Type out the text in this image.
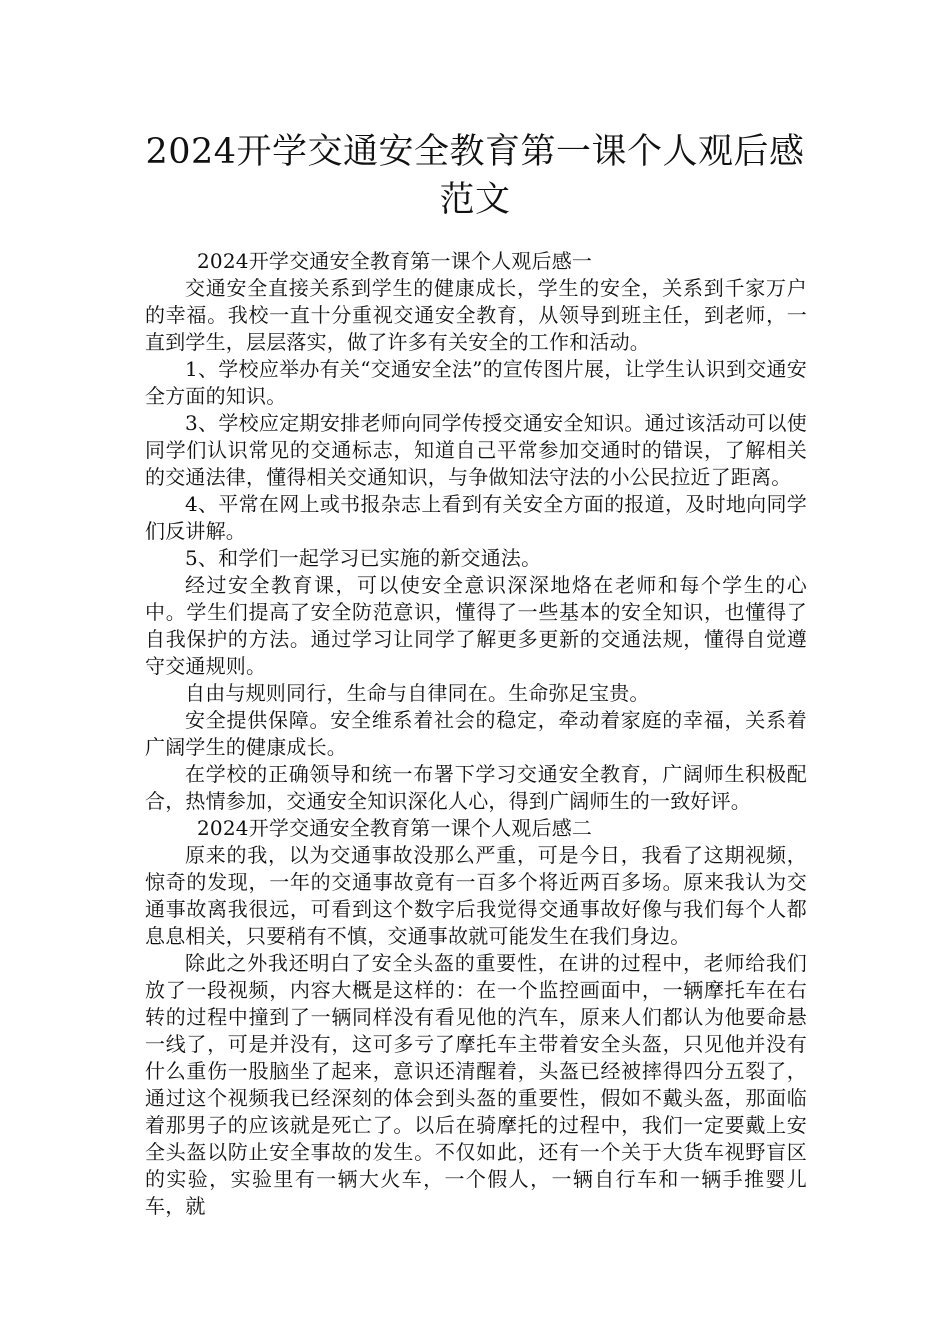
2024开学交通安全教育第一课个人观后感
范文

2024开学交通安全教育第一课个人观后感一

交通安全直接关系到学生的健康成长，学生的安全，关系到千家万户的幸福。我校一直十分重视交通安全教育，从领导到班主任，到老师，一直到学生，层层落实，做了许多有关安全的工作和活动。

1、学校应举办有关“交通安全法”的宣传图片展，让学生认识到交通安全方面的知识。

3、学校应定期安排老师向同学传授交通安全知识。通过该活动可以使同学们认识常见的交通标志，知道自己平常参加交通时的错误，了解相关的交通法律，懂得相关交通知识，与争做知法守法的小公民拉近了距离。

4、平常在网上或书报杂志上看到有关安全方面的报道，及时地向同学们反讲解。

5、和学们一起学习已实施的新交通法。

经过安全教育课，可以使安全意识深深地烙在老师和每个学生的心中。学生们提高了安全防范意识，懂得了一些基本的安全知识，也懂得了自我保护的方法。通过学习让同学了解更多更新的交通法规，懂得自觉遵守交通规则。

自由与规则同行，生命与自律同在。生命弥足宝贵。

安全提供保障。安全维系着社会的稳定，牵动着家庭的幸福，关系着广阔学生的健康成长。

在学校的正确领导和统一布署下学习交通安全教育，广阔师生积极配合，热情参加，交通安全知识深化人心，得到广阔师生的一致好评。

2024开学交通安全教育第一课个人观后感二

原来的我，以为交通事故没那么严重，可是今日，我看了这期视频，惊奇的发现，一年的交通事故竟有一百多个将近两百多场。原来我认为交通事故离我很远，可看到这个数字后我觉得交通事故好像与我们每个人都息息相关，只要稍有不慎，交通事故就可能发生在我们身边。

除此之外我还明白了安全头盔的重要性，在讲的过程中，老师给我们放了一段视频，内容大概是这样的：在一个监控画面中，一辆摩托车在右转的过程中撞到了一辆同样没有看见他的汽车，原来人们都认为他要命悬一线了，可是并没有，这可多亏了摩托车主带着安全头盔，只见他并没有什么重伤一股脑坐了起来，意识还清醒着，头盔已经被摔得四分五裂了，通过这个视频我已经深刻的体会到头盔的重要性，假如不戴头盔，那面临着那男子的应该就是死亡了。以后在骑摩托的过程中，我们一定要戴上安全头盔以防止安全事故的发生。不仅如此，还有一个关于大货车视野盲区的实验，实验里有一辆大火车，一个假人，一辆自行车和一辆手推婴儿车，就
